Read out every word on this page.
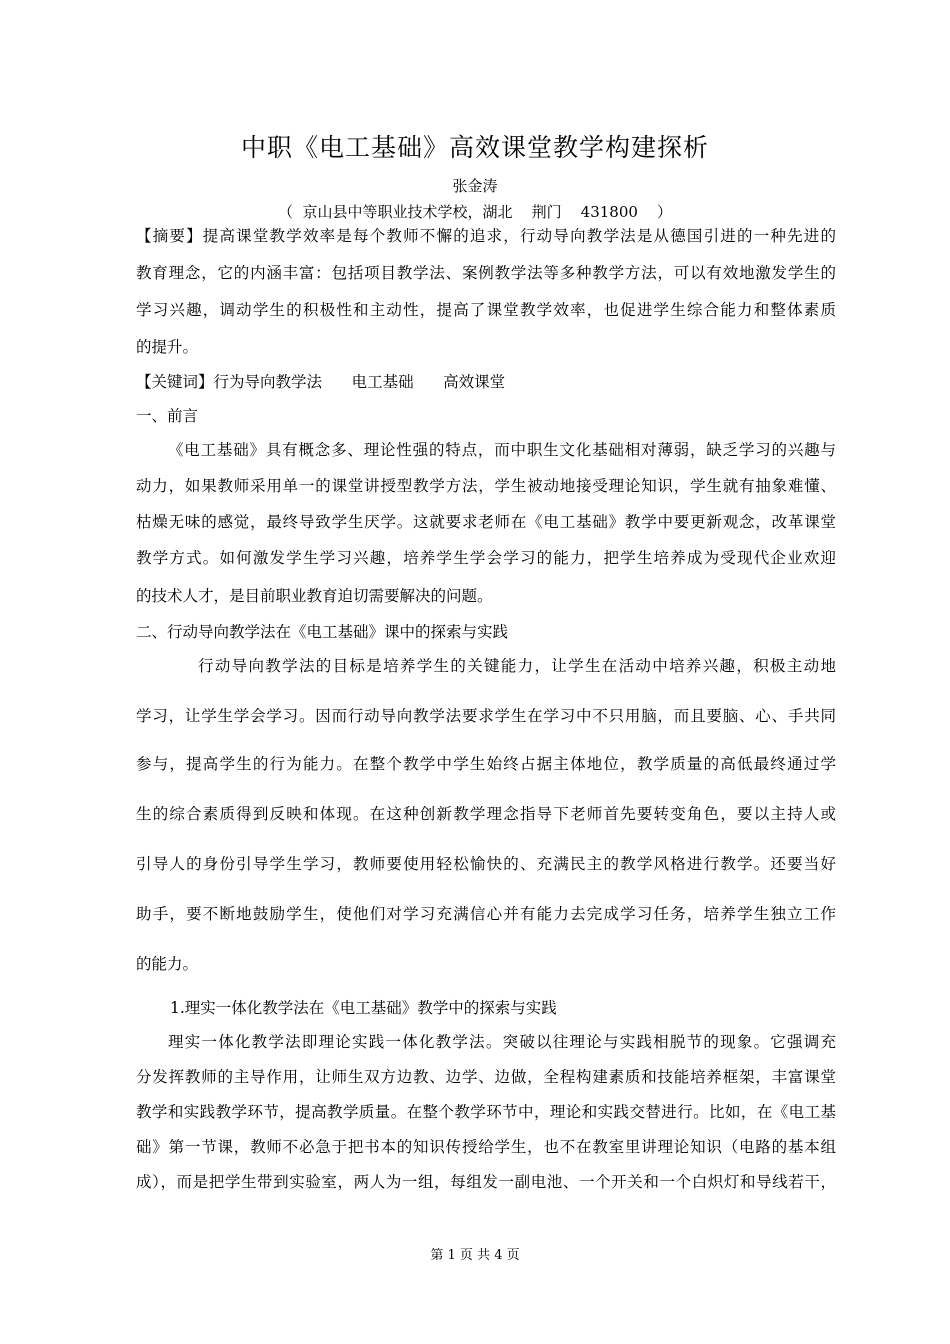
中职《电工基础》高效课堂教学构建探析
张金涛
（  京山县中等职业技术学校，湖北    荆门    431800    ）
【摘要】提高课堂教学效率是每个教师不懈的追求，行动导向教学法是从德国引进的一种先进的
教育理念，它的内涵丰富：包括项目教学法、案例教学法等多种教学方法，可以有效地激发学生的
学习兴趣，调动学生的积极性和主动性，提高了课堂教学效率，也促进学生综合能力和整体素质
的提升。
【关键词】行为导向教学法      电工基础      高效课堂
一、前言
《电工基础》具有概念多、理论性强的特点，而中职生文化基础相对薄弱，缺乏学习的兴趣与
动力，如果教师采用单一的课堂讲授型教学方法，学生被动地接受理论知识，学生就有抽象难懂、
枯燥无味的感觉，最终导致学生厌学。这就要求老师在《电工基础》教学中要更新观念，改革课堂
教学方式。如何激发学生学习兴趣，培养学生学会学习的能力，把学生培养成为受现代企业欢迎
的技术人才，是目前职业教育迫切需要解决的问题。
二、行动导向教学法在《电工基础》课中的探索与实践
行动导向教学法的目标是培养学生的关键能力，让学生在活动中培养兴趣，积极主动地
学习，让学生学会学习。因而行动导向教学法要求学生在学习中不只用脑，而且要脑、心、手共同
参与，提高学生的行为能力。在整个教学中学生始终占据主体地位，教学质量的高低最终通过学
生的综合素质得到反映和体现。在这种创新教学理念指导下老师首先要转变角色，要以主持人或
引导人的身份引导学生学习，教师要使用轻松愉快的、充满民主的教学风格进行教学。还要当好
助手，要不断地鼓励学生，使他们对学习充满信心并有能力去完成学习任务，培养学生独立工作
的能力。
1.理实一体化教学法在《电工基础》教学中的探索与实践
理实一体化教学法即理论实践一体化教学法。突破以往理论与实践相脱节的现象。它强调充
分发挥教师的主导作用，让师生双方边教、边学、边做，全程构建素质和技能培养框架，丰富课堂
教学和实践教学环节，提高教学质量。在整个教学环节中，理论和实践交替进行。比如，在《电工基
础》第一节课，教师不必急于把书本的知识传授给学生，也不在教室里讲理论知识（电路的基本组
成），而是把学生带到实验室，两人为一组，每组发一副电池、一个开关和一个白炽灯和导线若干，
第 1 页 共 4 页
